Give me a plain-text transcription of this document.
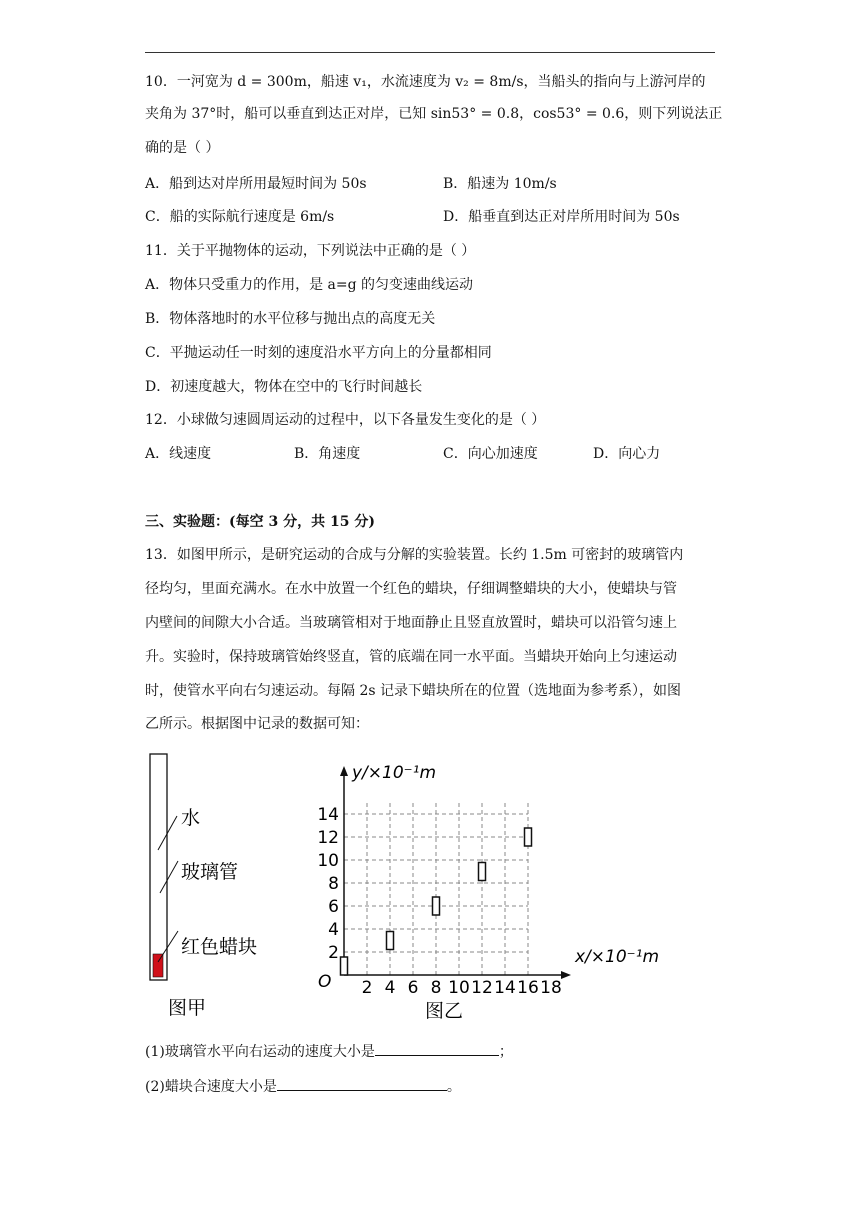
10．一河宽为 d = 300m，船速 v₁，水流速度为 v₂ = 8m/s，当船头的指向与上游河岸的
夹角为 37°时，船可以垂直到达正对岸，已知 sin53° = 0.8，cos53° = 0.6，则下列说法正
确的是（ ）
A．船到达对岸所用最短时间为 50s	B．船速为 10m/s
C．船的实际航行速度是 6m/s	D．船垂直到达正对岸所用时间为 50s
11．关于平抛物体的运动，下列说法中正确的是（ ）
A．物体只受重力的作用，是 a=g 的匀变速曲线运动
B．物体落地时的水平位移与抛出点的高度无关
C．平抛运动任一时刻的速度沿水平方向上的分量都相同
D．初速度越大，物体在空中的飞行时间越长
12．小球做匀速圆周运动的过程中，以下各量发生变化的是（ ）
A．线速度	B．角速度	C．向心加速度	D．向心力
三、实验题：(每空 3 分，共 15 分)
13．如图甲所示，是研究运动的合成与分解的实验装置。长约 1.5m 可密封的玻璃管内
径均匀，里面充满水。在水中放置一个红色的蜡块，仔细调整蜡块的大小，使蜡块与管
内壁间的间隙大小合适。当玻璃管相对于地面静止且竖直放置时，蜡块可以沿管匀速上
升。实验时，保持玻璃管始终竖直，管的底端在同一水平面。当蜡块开始向上匀速运动
时，使管水平向右匀速运动。每隔 2s 记录下蜡块所在的位置（选地面为参考系），如图
乙所示。根据图中记录的数据可知：
水
玻璃管
红色蜡块
图甲
2 4 6 8 10 12 14 16 18
2
4
6
8
10
12
14
y/×10⁻¹m
x/×10⁻¹m
O
图乙
(1)玻璃管水平向右运动的速度大小是	；
(2)蜡块合速度大小是	。
